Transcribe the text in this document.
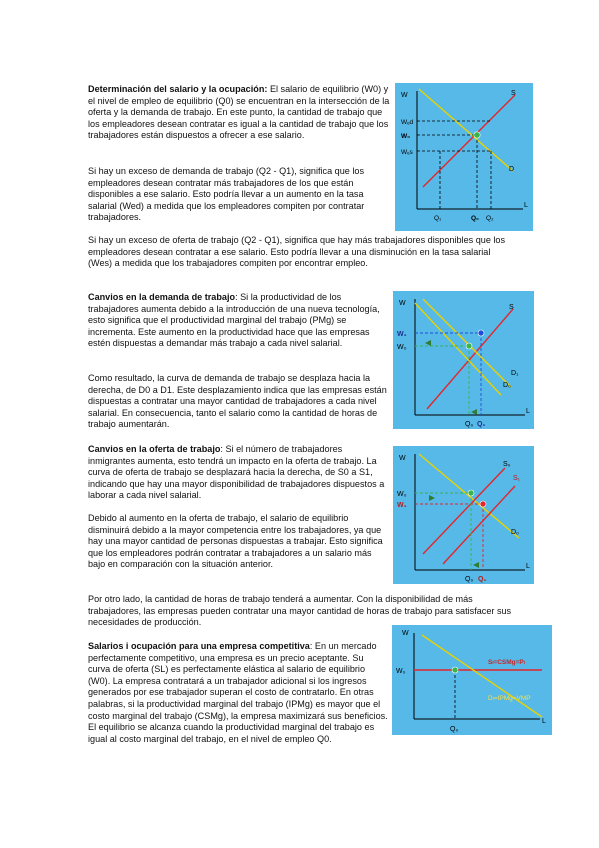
Determinación del salario y la ocupación: El salario de equilibrio (W0) y el nivel de empleo de equilibrio (Q0) se encuentran en la intersección de la oferta y la demanda de trabajo. En este punto, la cantidad de trabajo que los empleadores desean contratar es igual a la cantidad de trabajo que los trabajadores están dispuestos a ofrecer a ese salario.

Si hay un exceso de demanda de trabajo (Q2 - Q1), significa que los empleadores desean contratar más trabajadores de los que están disponibles a ese salario. Esto podría llevar a un aumento en la tasa salarial (Wed) a medida que los empleadores compiten por contratar trabajadores.

Si hay un exceso de oferta de trabajo (Q2 - Q1), significa que hay más trabajadores disponibles que los empleadores desean contratar a ese salario. Esto podría llevar a una disminución en la tasa salarial (Wes) a medida que los trabajadores compiten por encontrar empleo.

W
L
S
D
Wₑd
W₀
Wₑs
Q₁	Q₀ Q₂
Canvios en la demanda de trabajo: Si la productividad de los trabajadores aumenta debido a la introducción de una nueva tecnología, esto significa que el productividad marginal del trabajo (PMg) se incrementa. Este aumento en la productividad hace que las empresas estén dispuestas a demandar más trabajo a cada nivel salarial.

Como resultado, la curva de demanda de trabajo se desplaza hacia la derecha, de D0 a D1. Este desplazamiento indica que las empresas están dispuestas a contratar una mayor cantidad de trabajadores a cada nivel salarial. En consecuencia, tanto el salario como la cantidad de horas de trabajo aumentarán.

W
L
S
W₁
W₀
D₁
D₀
Q₀ Q₁
Canvios en la oferta de trabajo: Si el número de trabajadores inmigrantes aumenta, esto tendrá un impacto en la oferta de trabajo. La curva de oferta de trabajo se desplazará hacia la derecha, de S0 a S1, indicando que hay una mayor disponibilidad de trabajadores dispuestos a laborar a cada nivel salarial.

Debido al aumento en la oferta de trabajo, el salario de equilibrio disminuirá debido a la mayor competencia entre los trabajadores, ya que hay una mayor cantidad de personas dispuestas a trabajar. Esto significa que los empleadores podrán contratar a trabajadores a un salario más bajo en comparación con la situación anterior.

Por otro lado, la cantidad de horas de trabajo tenderá a aumentar. Con la disponibilidad de más trabajadores, las empresas pueden contratar una mayor cantidad de horas de trabajo para satisfacer sus necesidades de producción.

W
L
S₀
S₁
W₀
W₁
D₀
Q₀ Q₁
Salarios i ocupación para una empresa competitiva: En un mercado perfectamente competitivo, una empresa es un precio aceptante. Su curva de oferta (SL) es perfectamente elástica al salario de equilibrio (W0). La empresa contratará a un trabajador adicional si los ingresos generados por ese trabajador superan el costo de contratarlo. En otras palabras, si la productividad marginal del trabajo (IPMg) es mayor que el costo marginal del trabajo (CSMg), la empresa maximizará sus beneficios. El equilibrio se alcanza cuando la productividad marginal del trabajo es igual al costo marginal del trabajo, en el nivel de empleo Q0.
W
L
W₀
Sₗ=CSMg=Pₗ
Dₗ=IPMg=VMP
Q₀
